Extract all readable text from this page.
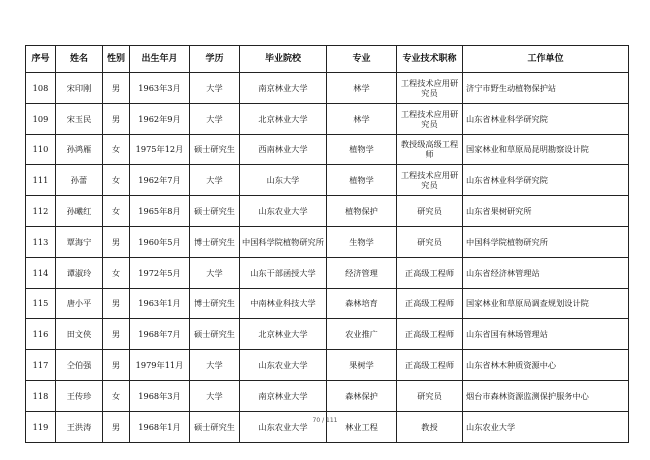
序号	姓名	性别	出生年月	学历	毕业院校	专业	专业技术职称	工作单位
108	宋印刚	男	1963年3月	大学	南京林业大学	林学	工程技术应用研究员	济宁市野生动植物保护站
109	宋玉民	男	1962年9月	大学	北京林业大学	林学	工程技术应用研究员	山东省林业科学研究院
110	孙鸿雁	女	1975年12月	硕士研究生	西南林业大学	植物学	教授级高级工程师	国家林业和草原局昆明勘察设计院
111	孙蕾	女	1962年7月	大学	山东大学	植物学	工程技术应用研究员	山东省林业科学研究院
112	孙曦红	女	1965年8月	硕士研究生	山东农业大学	植物保护	研究员	山东省果树研究所
113	覃海宁	男	1960年5月	博士研究生	中国科学院植物研究所	生物学	研究员	中国科学院植物研究所
114	谭淑玲	女	1972年5月	大学	山东干部函授大学	经济管理	正高级工程师	山东省经济林管理站
115	唐小平	男	1963年1月	博士研究生	中南林业科技大学	森林培育	正高级工程师	国家林业和草原局调查规划设计院
116	田文侠	男	1968年7月	硕士研究生	北京林业大学	农业推广	正高级工程师	山东省国有林场管理站
117	仝伯强	男	1979年11月	大学	山东农业大学	果树学	正高级工程师	山东省林木种质资源中心
118	王传珍	女	1968年3月	大学	南京林业大学	森林保护	研究员	烟台市森林资源监测保护服务中心
119	王洪涛	男	1968年1月	硕士研究生	山东农业大学	林业工程	教授	山东农业大学
70 / 111
